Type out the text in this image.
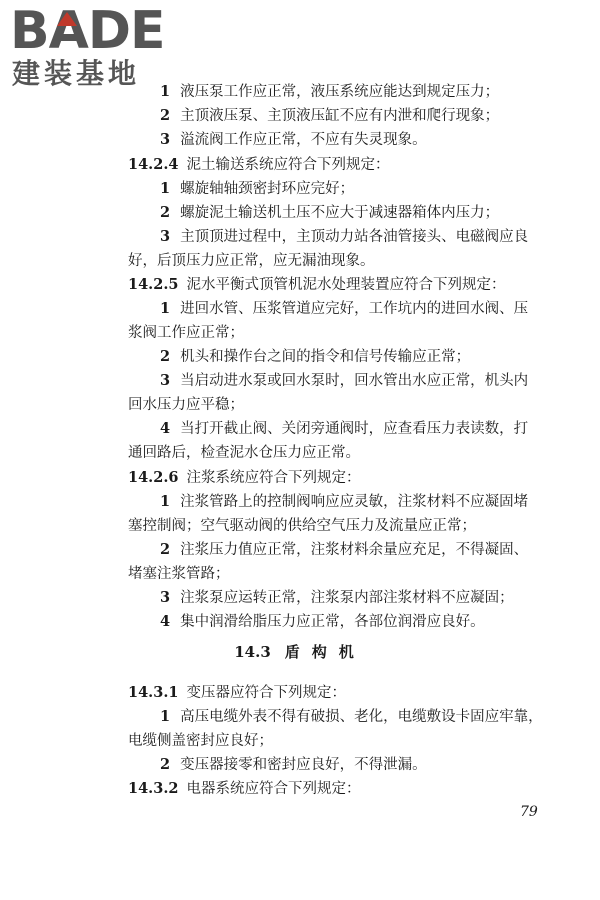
BADE
建装基地
1 液压泵工作应正常，液压系统应能达到规定压力；
2 主顶液压泵、主顶液压缸不应有内泄和爬行现象；
3 溢流阀工作应正常，不应有失灵现象。
14.2.4 泥土输送系统应符合下列规定：
1 螺旋轴轴颈密封环应完好；
2 螺旋泥土输送机土压不应大于减速器箱体内压力；
3 主顶顶进过程中，主顶动力站各油管接头、电磁阀应良
好，后顶压力应正常，应无漏油现象。
14.2.5 泥水平衡式顶管机泥水处理装置应符合下列规定：
1 进回水管、压浆管道应完好，工作坑内的进回水阀、压
浆阀工作应正常；
2 机头和操作台之间的指令和信号传输应正常；
3 当启动进水泵或回水泵时，回水管出水应正常，机头内
回水压力应平稳；
4 当打开截止阀、关闭旁通阀时，应查看压力表读数，打
通回路后，检查泥水仓压力应正常。
14.2.6 注浆系统应符合下列规定：
1 注浆管路上的控制阀响应应灵敏，注浆材料不应凝固堵
塞控制阀；空气驱动阀的供给空气压力及流量应正常；
2 注浆压力值应正常，注浆材料余量应充足，不得凝固、
堵塞注浆管路；
3 注浆泵应运转正常，注浆泵内部注浆材料不应凝固；
4 集中润滑给脂压力应正常，各部位润滑应良好。
14.3 盾构机
14.3.1 变压器应符合下列规定：
1 高压电缆外表不得有破损、老化，电缆敷设卡固应牢靠，
电缆侧盖密封应良好；
2 变压器接零和密封应良好，不得泄漏。
14.3.2 电器系统应符合下列规定：
79
